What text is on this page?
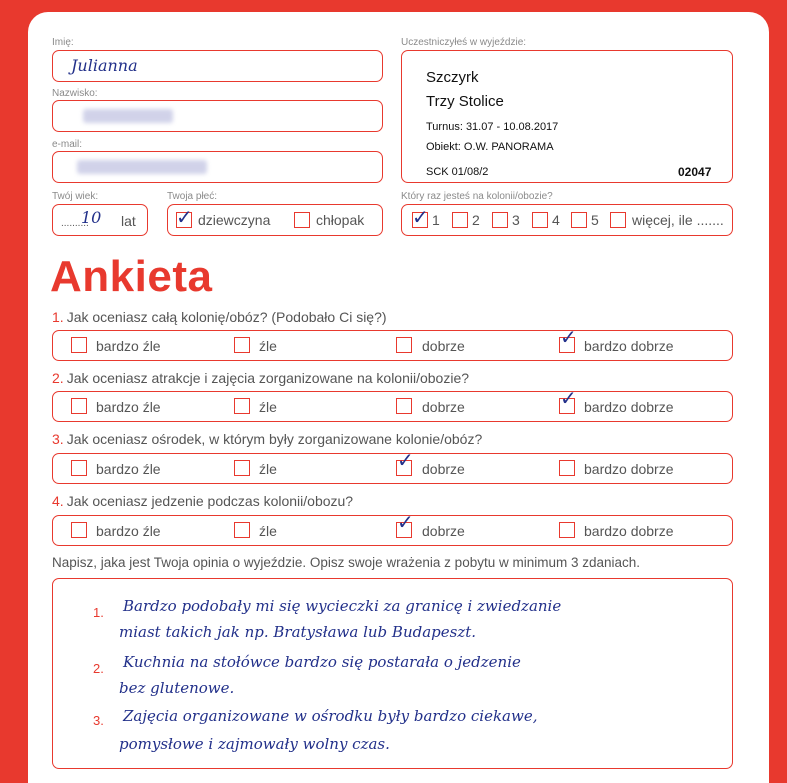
Imię:
Julianna
Nazwisko:
e-mail:
Twój wiek:
..........
10 lat
Twoja płeć:
✓ dziewczyna	chłopak
Uczestniczyłeś w wyjeździe:
Szczyrk
Trzy Stolice
Turnus: 31.07 - 10.08.2017
Obiekt: O.W. PANORAMA
SCK 01/08/2	02047
Który raz jesteś na kolonii/obozie?
✓ 1 2 3 4 5 więcej, ile .......
Ankieta
1. Jak oceniasz całą kolonię/obóz? (Podobało Ci się?)
bardzo źle	źle	dobrze	✓ bardzo dobrze
2. Jak oceniasz atrakcje i zajęcia zorganizowane na kolonii/obozie?
bardzo źle	źle	dobrze	✓ bardzo dobrze
3. Jak oceniasz ośrodek, w którym były zorganizowane kolonie/obóz?
bardzo źle	źle	✓ dobrze	bardzo dobrze
4. Jak oceniasz jedzenie podczas kolonii/obozu?
bardzo źle	źle	✓ dobrze	bardzo dobrze
Napisz, jaka jest Twoja opinia o wyjeździe. Opisz swoje wrażenia z pobytu w minimum 3 zdaniach.
1.
2.
3.
Bardzo podobały mi się wycieczki za granicę i zwiedzanie
miast takich jak np. Bratysława lub Budapeszt.
Kuchnia na stołówce bardzo się postarała o jedzenie
bez glutenowe.
Zajęcia organizowane w ośrodku były bardzo ciekawe,
pomysłowe i zajmowały wolny czas.
